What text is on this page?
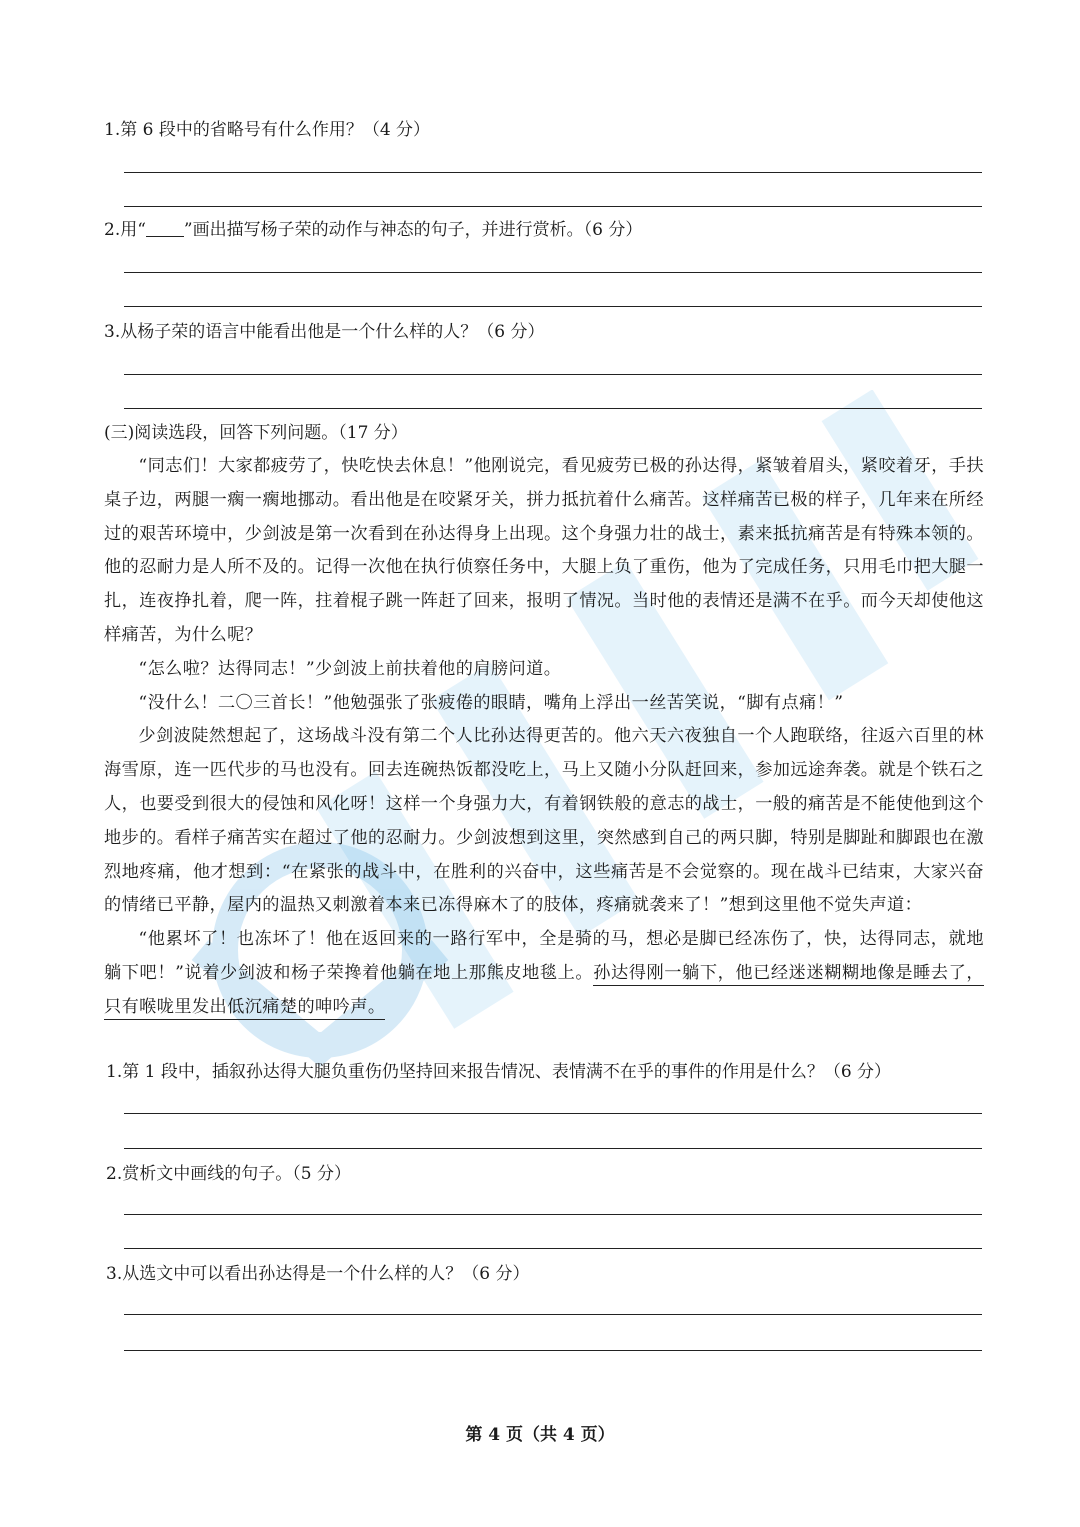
1.第 6 段中的省略号有什么作用？（4 分）
2.用“ ”画出描写杨子荣的动作与神态的句子，并进行赏析。（6 分）
3.从杨子荣的语言中能看出他是一个什么样的人？（6 分）
(三)阅读选段，回答下列问题。（17 分）

“同志们！大家都疲劳了，快吃快去休息！”他刚说完，看见疲劳已极的孙达得，紧皱着眉头，紧咬着牙，手扶桌子边，两腿一瘸一瘸地挪动。看出他是在咬紧牙关，拼力抵抗着什么痛苦。这样痛苦已极的样子，几年来在所经过的艰苦环境中，少剑波是第一次看到在孙达得身上出现。这个身强力壮的战士，素来抵抗痛苦是有特殊本领的。他的忍耐力是人所不及的。记得一次他在执行侦察任务中，大腿上负了重伤，他为了完成任务，只用毛巾把大腿一扎，连夜挣扎着，爬一阵，拄着棍子跳一阵赶了回来，报明了情况。当时他的表情还是满不在乎。而今天却使他这样痛苦，为什么呢？

“怎么啦？达得同志！”少剑波上前扶着他的肩膀问道。

“没什么！二〇三首长！”他勉强张了张疲倦的眼睛，嘴角上浮出一丝苦笑说，“脚有点痛！”

少剑波陡然想起了，这场战斗没有第二个人比孙达得更苦的。他六天六夜独自一个人跑联络，往返六百里的林海雪原，连一匹代步的马也没有。回去连碗热饭都没吃上，马上又随小分队赶回来，参加远途奔袭。就是个铁石之人，也要受到很大的侵蚀和风化呀！这样一个身强力大，有着钢铁般的意志的战士，一般的痛苦是不能使他到这个地步的。看样子痛苦实在超过了他的忍耐力。少剑波想到这里，突然感到自己的两只脚，特别是脚趾和脚跟也在激烈地疼痛，他才想到：“在紧张的战斗中，在胜利的兴奋中，这些痛苦是不会觉察的。现在战斗已结束，大家兴奋的情绪已平静，屋内的温热又刺激着本来已冻得麻木了的肢体，疼痛就袭来了！”想到这里他不觉失声道：

“他累坏了！也冻坏了！他在返回来的一路行军中，全是骑的马，想必是脚已经冻伤了，快，达得同志，就地躺下吧！”说着少剑波和杨子荣搀着他躺在地上那熊皮地毯上。孙达得刚一躺下，他已经迷迷糊糊地像是睡去了，只有喉咙里发出低沉痛楚的呻吟声。

1.第 1 段中，插叙孙达得大腿负重伤仍坚持回来报告情况、表情满不在乎的事件的作用是什么？（6 分）
2.赏析文中画线的句子。（5 分）
3.从选文中可以看出孙达得是一个什么样的人？（6 分）
第 4 页（共 4 页）
